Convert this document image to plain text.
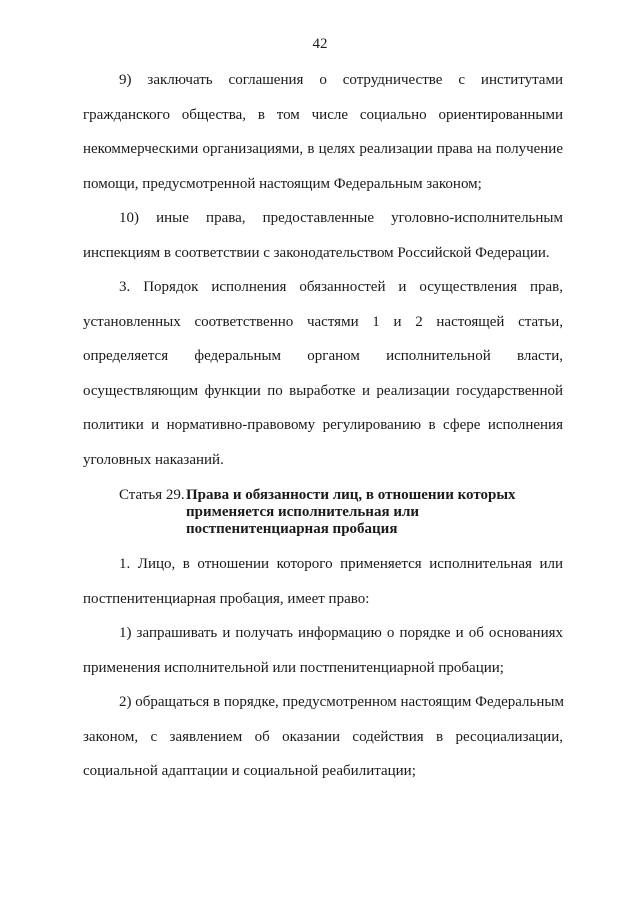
42
9) заключать соглашения о сотрудничестве с институтами
гражданского общества, в том числе социально ориентированными
некоммерческими организациями, в целях реализации права на получение
помощи, предусмотренной настоящим Федеральным законом;
10) иные права, предоставленные уголовно-исполнительным
инспекциям в соответствии с законодательством Российской Федерации.
3. Порядок исполнения обязанностей и осуществления прав,
установленных соответственно частями 1 и 2 настоящей статьи,
определяется федеральным органом исполнительной власти,
осуществляющим функции по выработке и реализации государственной
политики и нормативно-правовому регулированию в сфере исполнения
уголовных наказаний.
Статья 29. Права и обязанности лиц, в отношении которых
применяется исполнительная или
постпенитенциарная пробация
1. Лицо, в отношении которого применяется исполнительная или
постпенитенциарная пробация, имеет право:
1) запрашивать и получать информацию о порядке и об основаниях
применения исполнительной или постпенитенциарной пробации;
2) обращаться в порядке, предусмотренном настоящим Федеральным
законом, с заявлением об оказании содействия в ресоциализации,
социальной адаптации и социальной реабилитации;
